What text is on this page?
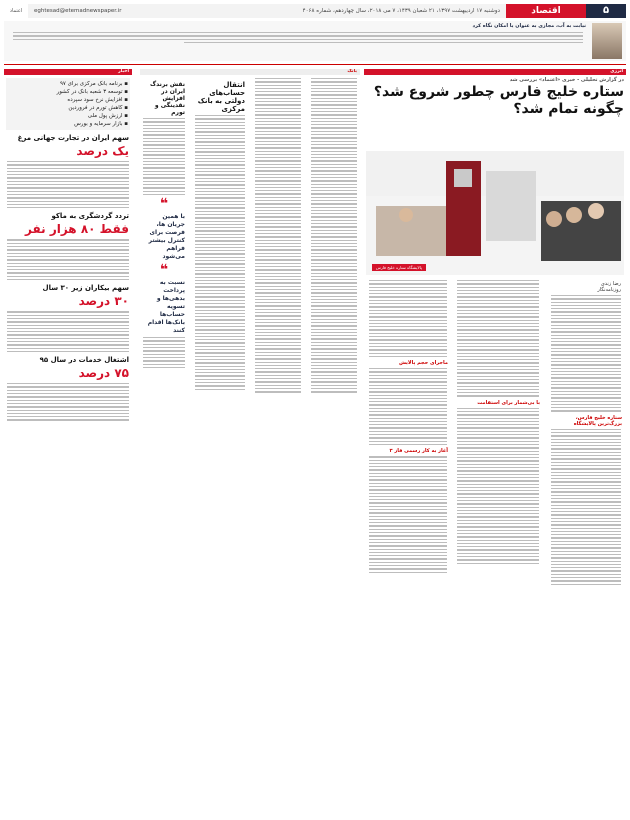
۵
اقتصاد
دوشنبه ۱۷ اردیبهشت ۱۳۹۷، ۲۱ شعبان ۱۴۳۹، ۷ می ۲۰۱۸، سال چهاردهم، شماره ۴۰۶۸
eghtesad@etemadnewspaper.ir
اعتماد
نیابت به آب، مجازی به عنوان یا امکان نگاه کرد
انرژی
در گزارش تحلیلی - خبری «اعتماد» بررسی شد
ستاره خلیج فارس چطور شروع شد؟ چگونه تمام شد؟
پالایشگاه ستاره خلیج فارس
رضا زندی
روزنامه‌نگار
ستاره خلیج فارس، بزرگ‌ترین پالایشگاه
با بی‌شمار برای استقامت
ماجرای حجم پالایش
آغاز به کار رسمی فاز ۳
بانک
انتقال حساب‌های دولتی به بانک مرکزی
نقش برندگ ایران در افزایش نقدینگی و تورم
❝
با همین جریان ها، فرصت برای کنترل بیشتر فراهم می‌شود
❝
نسبت به پرداخت بدهی‌ها و تسویه حساب‌ها بانک‌ها اقدام کنند
اخبار
▪ برنامه بانک مرکزی برای ۹۷
▪ توسعه ۳ شعبه بانک در کشور
▪ افزایش نرخ سود سپرده
▪ کاهش تورم در فروردین
▪ ارزش پول ملی
▪ بازار سرمایه و بورس
سهم ایران در تجارت جهانی مرغ
یک درصد
تردد گردشگری به ماکو
فقط ۸۰ هزار نفر
سهم بیکاران زیر ۳۰ سال
۳۰ درصد
اشتغال خدمات در سال ۹۵
۷۵ درصد
